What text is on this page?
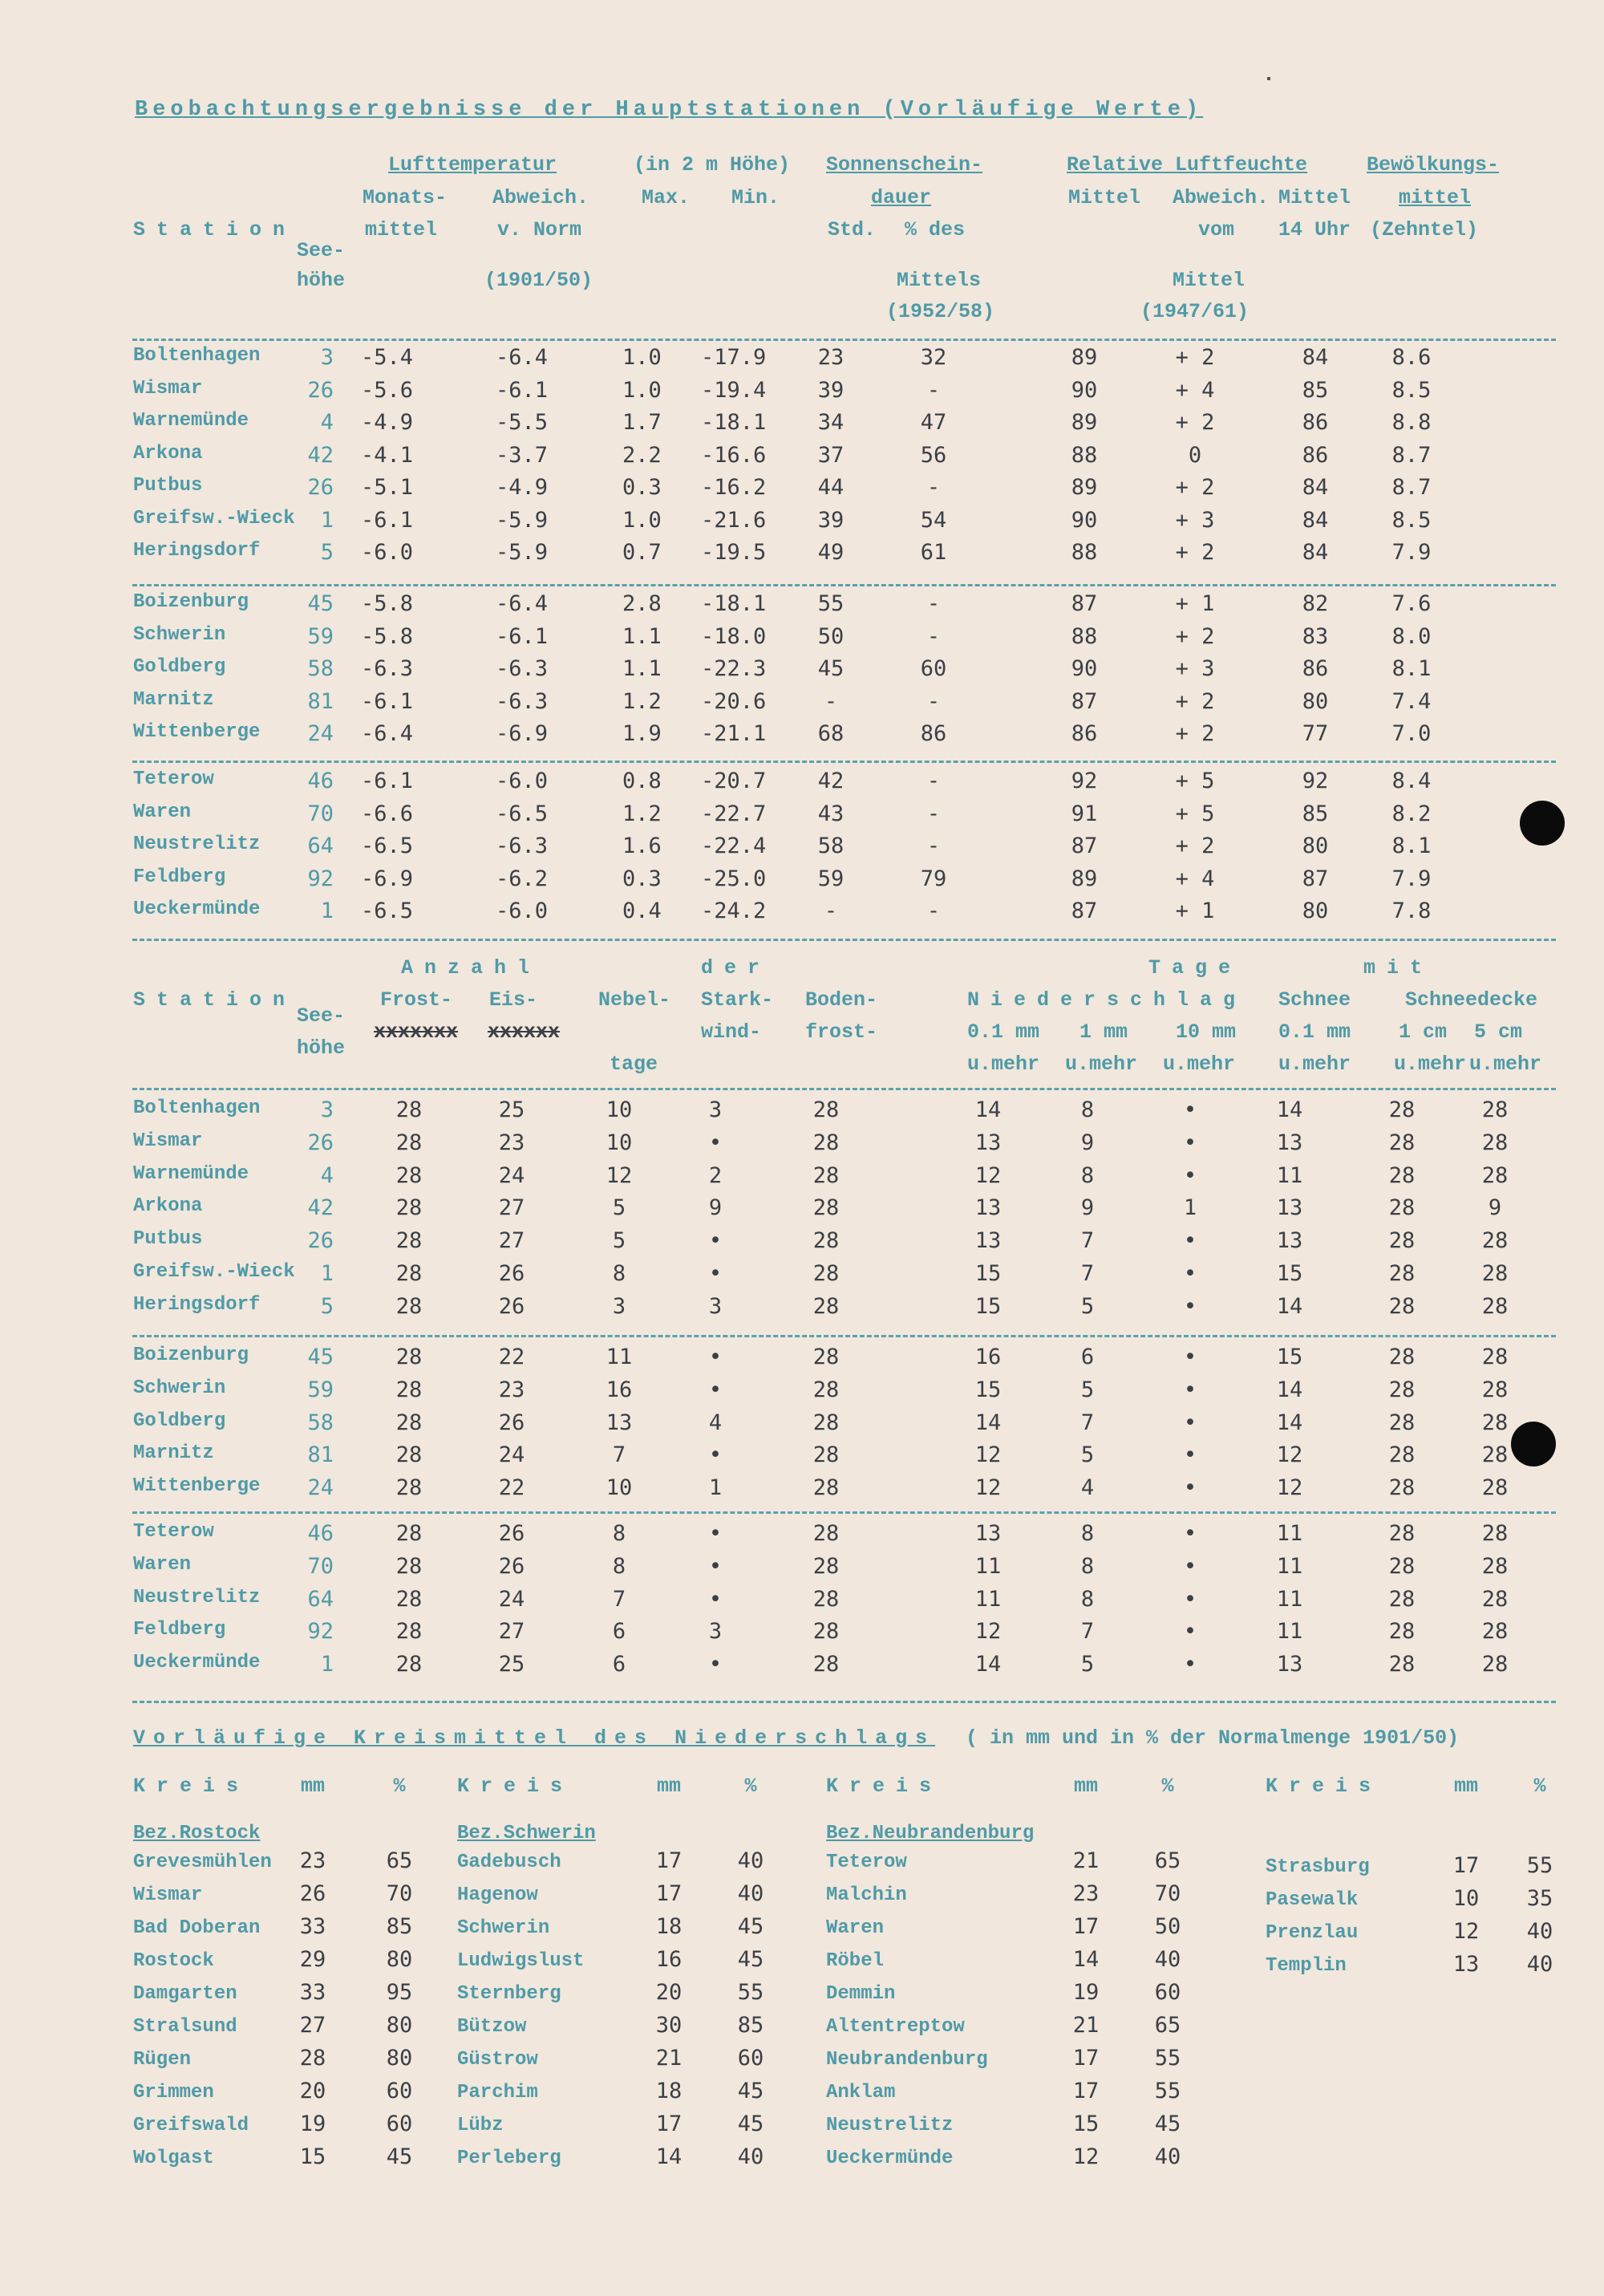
Beobachtungsergebnisse der Hauptstationen (Vorläufige Werte)
Station
See-
höhe
Lufttemperatur	(in 2 m Höhe)
Monats-
mittel
Abweich.
v. Norm
(1901/50)
Max. Min.
Sonnenschein-
dauer
Std. % des
Mittels
(1952/58)
Relative Luftfeuchte
Mittel Abweich.
vom
Mittel
(1947/61)
Mittel
14 Uhr
Bewölkungs-
mittel
(Zehntel)
Boltenhagen	3 -5.4	-6.4	1.0 -17.9	23	32	89	+ 2	84	8.6
Wismar	26 -5.6	-6.1	1.0 -19.4	39	-	90	+ 4	85	8.5
Warnemünde	4 -4.9	-5.5	1.7 -18.1	34	47	89	+ 2	86	8.8
Arkona	42 -4.1	-3.7	2.2 -16.6	37	56	88	0	86	8.7
Putbus	26 -5.1	-4.9	0.3 -16.2	44	-	89	+ 2	84	8.7
Greifsw.-Wieck	1 -6.1	-5.9	1.0 -21.6	39	54	90	+ 3	84	8.5
Heringsdorf	5 -6.0	-5.9	0.7 -19.5	49	61	88	+ 2	84	7.9
Boizenburg	45 -5.8	-6.4	2.8 -18.1	55	-	87	+ 1	82	7.6
Schwerin	59 -5.8	-6.1	1.1 -18.0	50	-	88	+ 2	83	8.0
Goldberg	58 -6.3	-6.3	1.1 -22.3	45	60	90	+ 3	86	8.1
Marnitz	81 -6.1	-6.3	1.2 -20.6	-	-	87	+ 2	80	7.4
Wittenberge	24 -6.4	-6.9	1.9 -21.1	68	86	86	+ 2	77	7.0
Teterow	46 -6.1	-6.0	0.8 -20.7	42	-	92	+ 5	92	8.4
Waren	70 -6.6	-6.5	1.2 -22.7	43	-	91	+ 5	85	8.2
Neustrelitz	64 -6.5	-6.3	1.6 -22.4	58	-	87	+ 2	80	8.1
Feldberg	92 -6.9	-6.2	0.3 -25.0	59	79	89	+ 4	87	7.9
Ueckermünde	1 -6.5	-6.0	0.4 -24.2	-	-	87	+ 1	80	7.8
Station
See-
höhe
Anzahl	der	Tage	mit
Frost-
xxxxxxx
Eis-
xxxxxx
Nebel-
tage
Stark-
wind-
Boden-
frost-
Niederschlag
0.1 mm 1 mm 10 mm
u.mehr u.mehr u.mehr
Schnee
0.1 mm
u.mehr
Schneedecke
1 cm 5 cm
u.mehr u.mehr
Boltenhagen	3	28	25	10	3	28	14	8	•	14	28	28
Wismar	26	28	23	10	•	28	13	9	•	13	28	28
Warnemünde	4	28	24	12	2	28	12	8	•	11	28	28
Arkona	42	28	27	5	9	28	13	9	1	13	28	9
Putbus	26	28	27	5	•	28	13	7	•	13	28	28
Greifsw.-Wieck	1	28	26	8	•	28	15	7	•	15	28	28
Heringsdorf	5	28	26	3	3	28	15	5	•	14	28	28
Boizenburg	45	28	22	11	•	28	16	6	•	15	28	28
Schwerin	59	28	23	16	•	28	15	5	•	14	28	28
Goldberg	58	28	26	13	4	28	14	7	•	14	28	28
Marnitz	81	28	24	7	•	28	12	5	•	12	28	28
Wittenberge	24	28	22	10	1	28	12	4	•	12	28	28
Teterow	46	28	26	8	•	28	13	8	•	11	28	28
Waren	70	28	26	8	•	28	11	8	•	11	28	28
Neustrelitz	64	28	24	7	•	28	11	8	•	11	28	28
Feldberg	92	28	27	6	3	28	12	7	•	11	28	28
Ueckermünde	1	28	25	6	•	28	14	5	•	13	28	28
Vorläufige Kreismittel des Niederschlags ( in mm und in % der Normalmenge 1901/50)
Kreis	mm	%
Bez.Rostock
Grevesmühlen	23	65
Wismar	26	70
Bad Doberan	33	85
Rostock	29	80
Damgarten	33	95
Stralsund	27	80
Rügen	28	80
Grimmen	20	60
Greifswald	19	60
Wolgast	15	45
Kreis	mm	%
Bez.Schwerin
Gadebusch	17	40
Hagenow	17	40
Schwerin	18	45
Ludwigslust	16	45
Sternberg	20	55
Bützow	30	85
Güstrow	21	60
Parchim	18	45
Lübz	17	45
Perleberg	14	40
Kreis	mm	%
Bez.Neubrandenburg
Teterow	21	65
Malchin	23	70
Waren	17	50
Röbel	14	40
Demmin	19	60
Altentreptow	21	65
Neubrandenburg	17	55
Anklam	17	55
Neustrelitz	15	45
Ueckermünde	12	40
Kreis	mm	%
Strasburg	17	55
Pasewalk	10	35
Prenzlau	12	40
Templin	13	40
